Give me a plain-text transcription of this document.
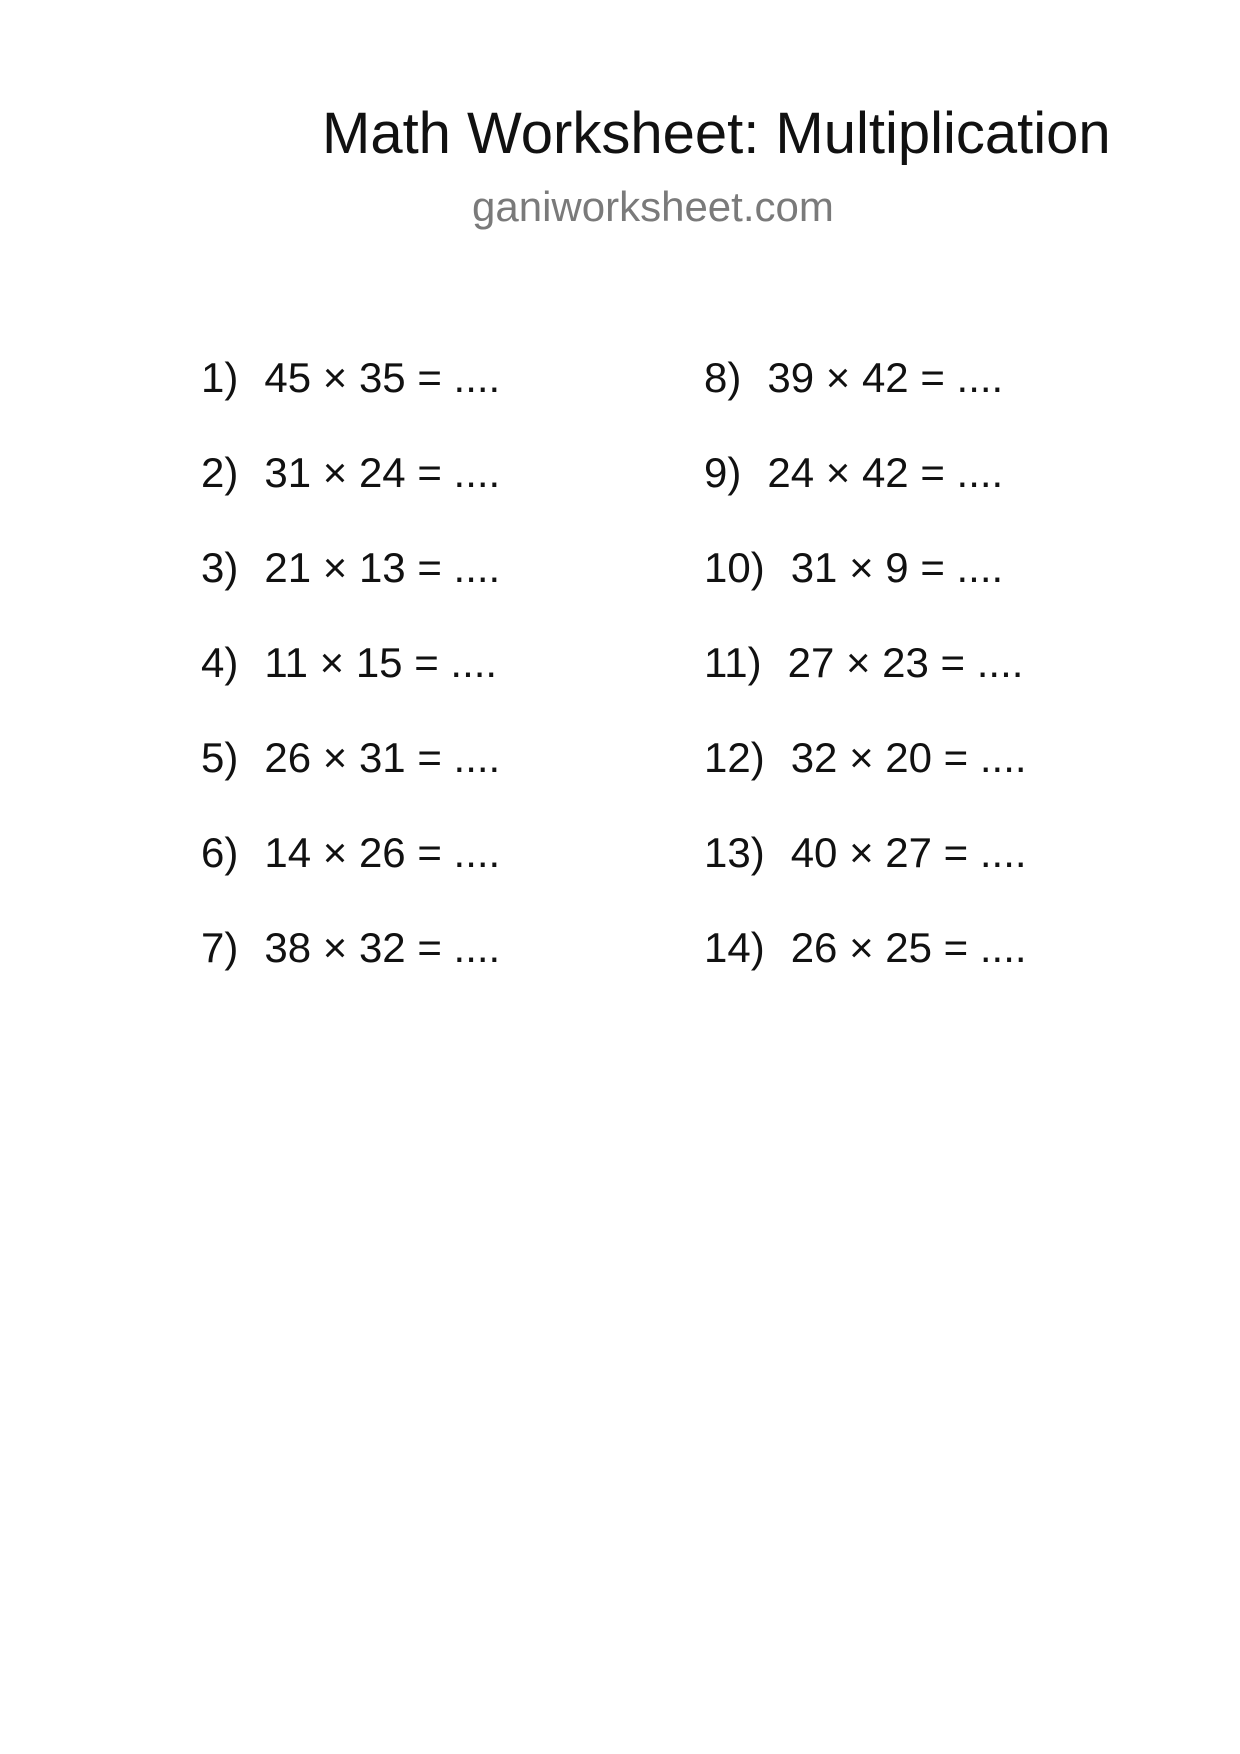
Math Worksheet: Multiplication
ganiworksheet.com
1) 45 × 35 = ....
2) 31 × 24 = ....
3) 21 × 13 = ....
4) 11 × 15 = ....
5) 26 × 31 = ....
6) 14 × 26 = ....
7) 38 × 32 = ....
8) 39 × 42 = ....
9) 24 × 42 = ....
10) 31 × 9 = ....
11) 27 × 23 = ....
12) 32 × 20 = ....
13) 40 × 27 = ....
14) 26 × 25 = ....
